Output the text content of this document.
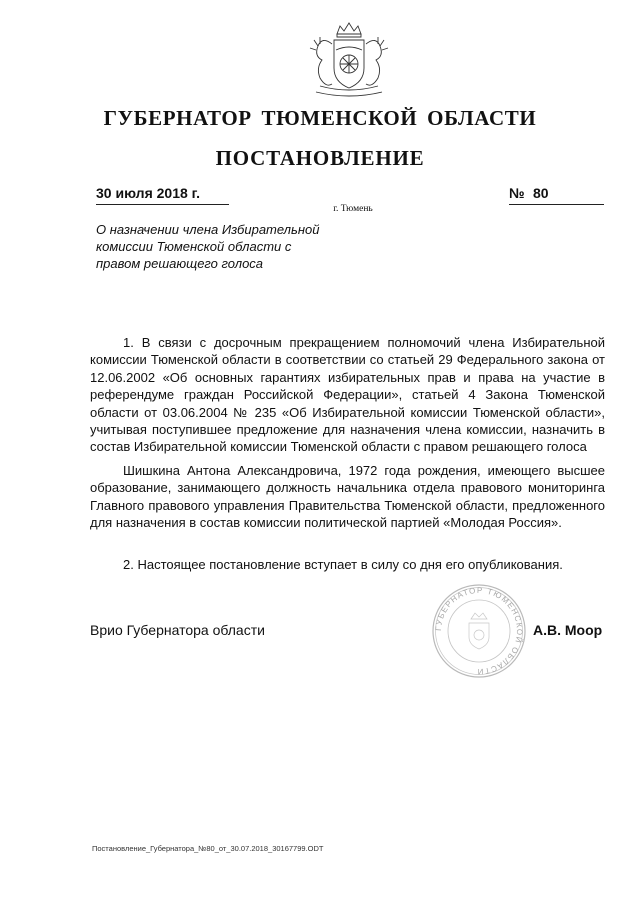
ГУБЕРНАТОР ТЮМЕНСКОЙ ОБЛАСТИ
ПОСТАНОВЛЕНИЕ
30 июля 2018 г.	№ 80
г. Тюмень
О назначении члена Избирательной комиссии Тюменской области с правом решающего голоса

1. В связи с досрочным прекращением полномочий члена Избирательной комиссии Тюменской области в соответствии со статьей 29 Федерального закона от 12.06.2002 «Об основных гарантиях избирательных прав и права на участие в референдуме граждан Российской Федерации», статьей 4 Закона Тюменской области от 03.06.2004 № 235 «Об Избирательной комиссии Тюменской области», учитывая поступившее предложение для назначения члена комиссии, назначить в состав Избирательной комиссии Тюменской области с правом решающего голоса

Шишкина Антона Александровича, 1972 года рождения, имеющего высшее образование, занимающего должность начальника отдела правового мониторинга Главного правового управления Правительства Тюменской области, предложенного для назначения в состав комиссии политической партией «Молодая Россия».

2. Настоящее постановление вступает в силу со дня его опубликования.

ГУБЕРНАТОР ТЮМЕНСКОЙ ОБЛАСТИ
Врио Губернатора области	А.В. Моор
Постановление_Губернатора_№80_от_30.07.2018_30167799.ODT
